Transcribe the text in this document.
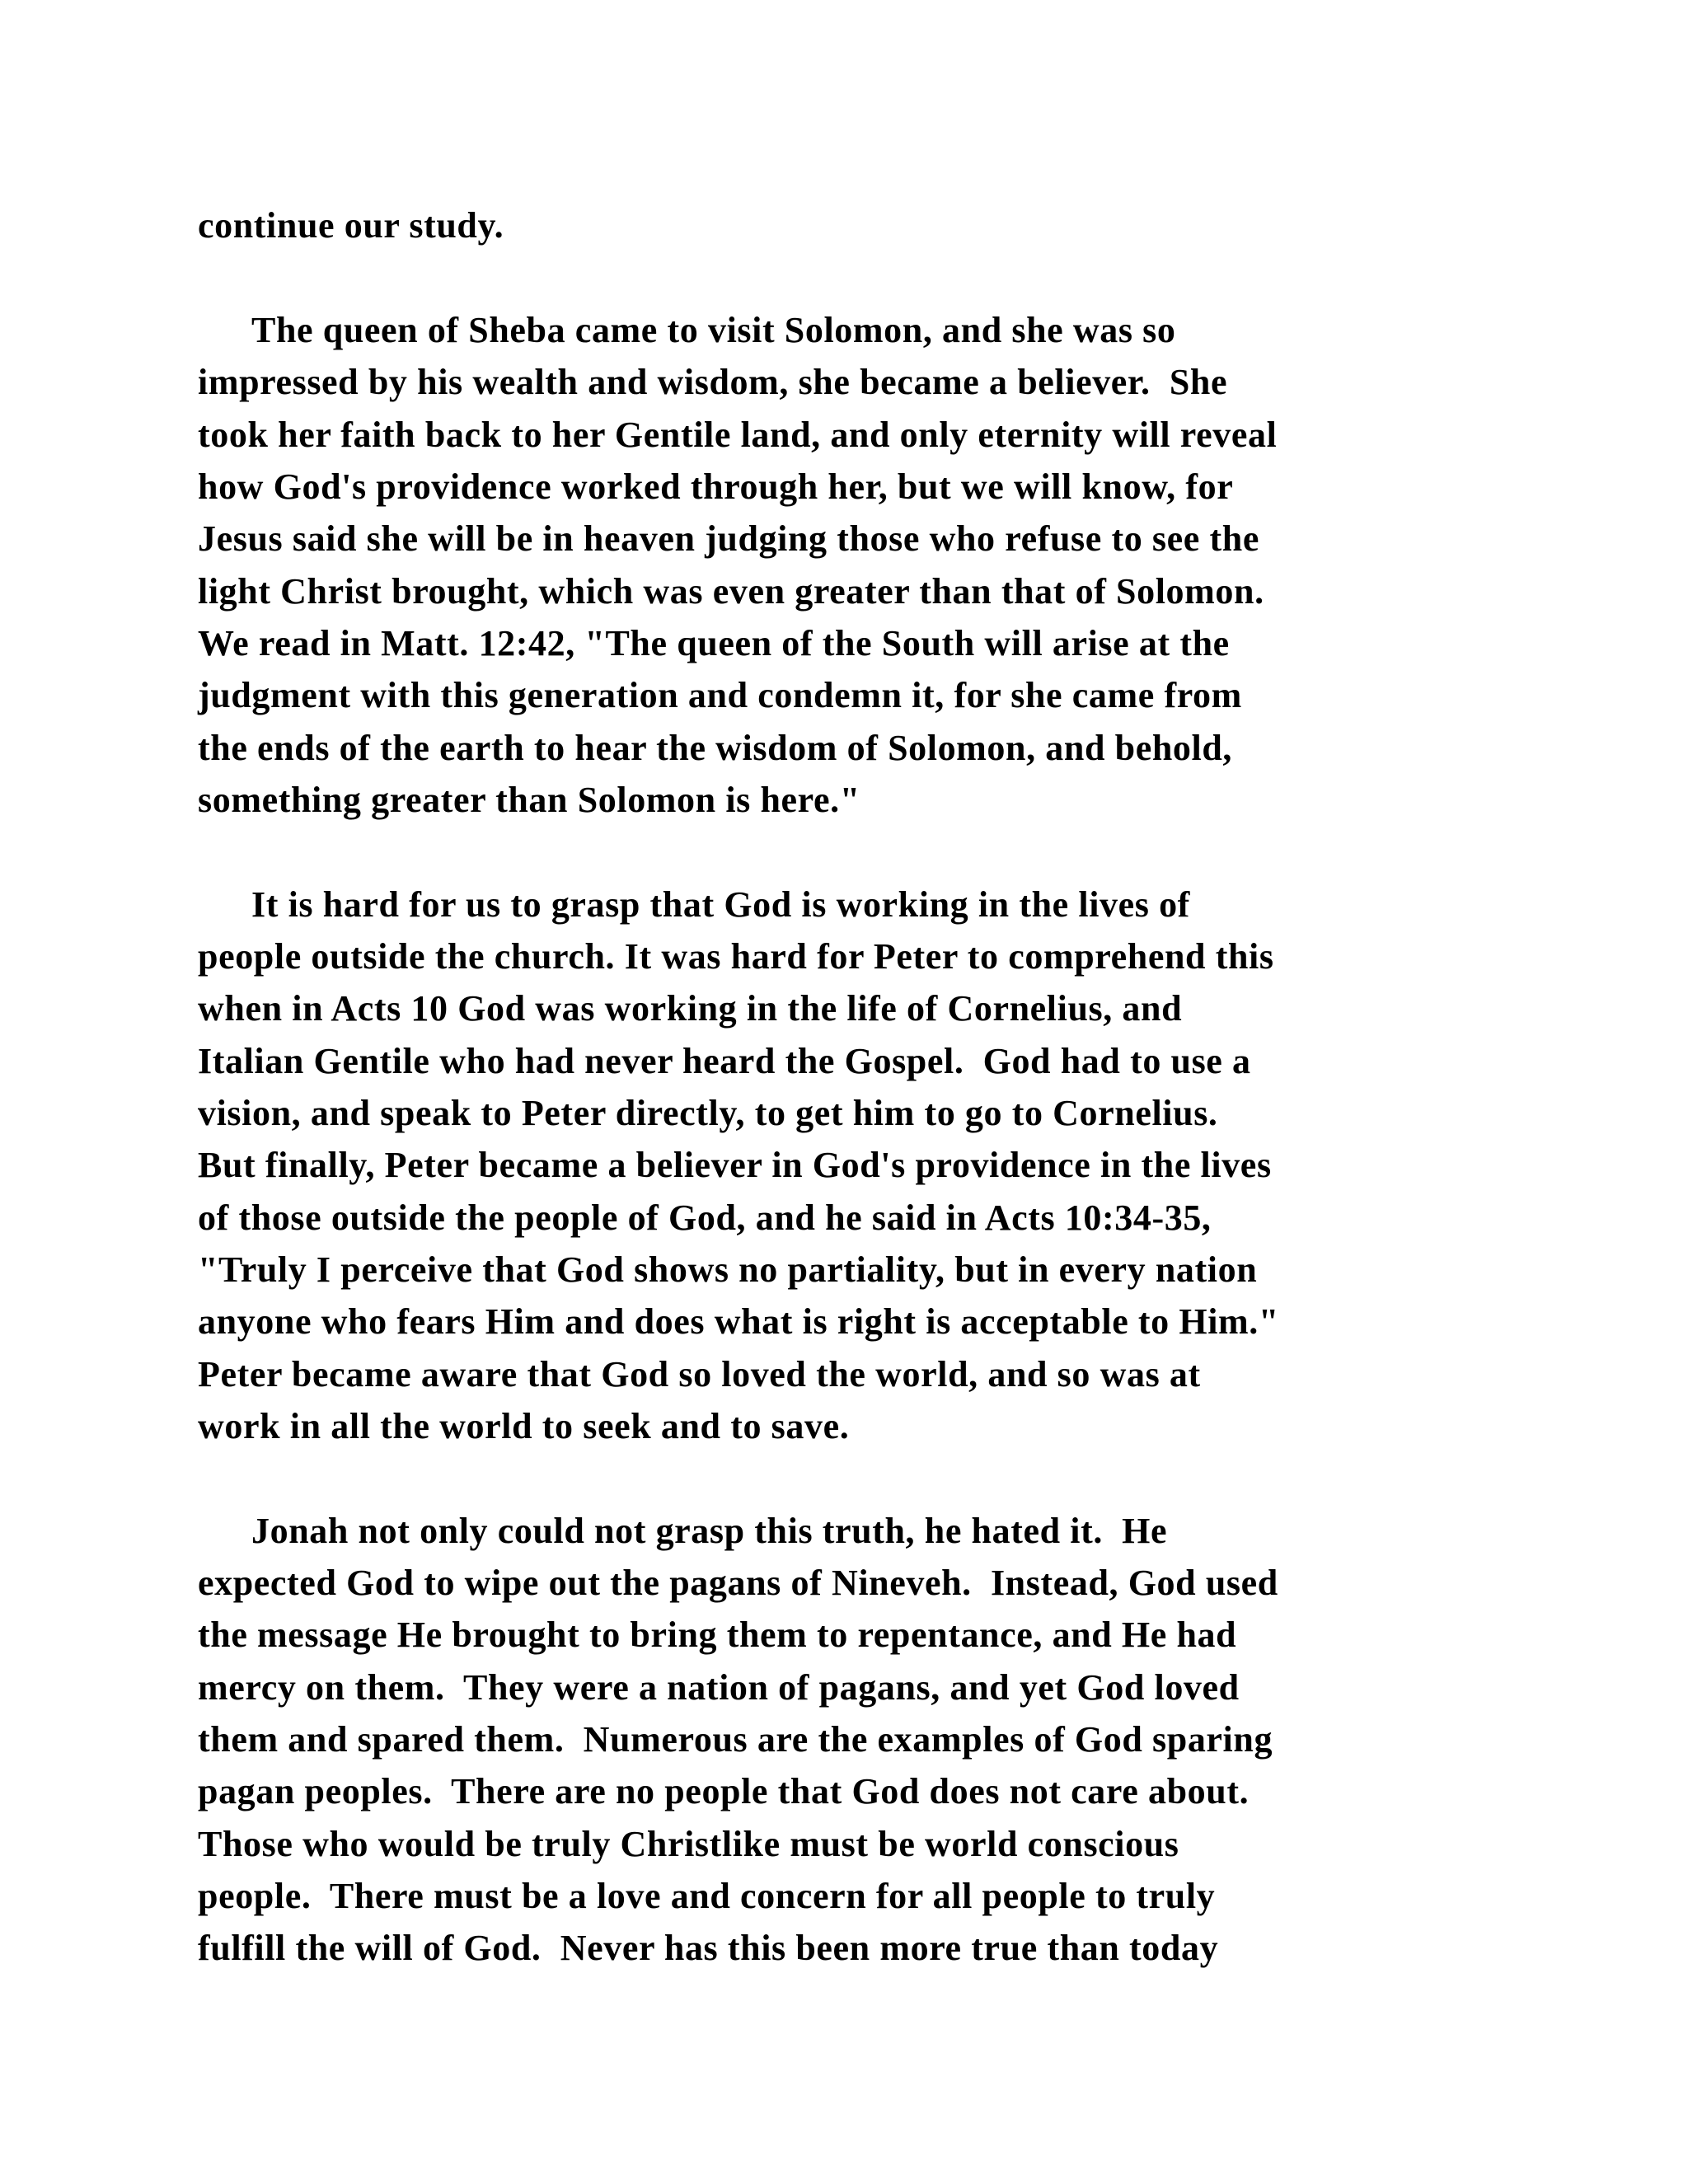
continue our study.

The queen of Sheba came to visit Solomon, and she was so

impressed by his wealth and wisdom, she became a believer.  She

took her faith back to her Gentile land, and only eternity will reveal

how God's providence worked through her, but we will know, for

Jesus said she will be in heaven judging those who refuse to see the

light Christ brought, which was even greater than that of Solomon.

We read in Matt. 12:42, "The queen of the South will arise at the

judgment with this generation and condemn it, for she came from

the ends of the earth to hear the wisdom of Solomon, and behold,

something greater than Solomon is here."

It is hard for us to grasp that God is working in the lives of

people outside the church. It was hard for Peter to comprehend this

when in Acts 10 God was working in the life of Cornelius, and

Italian Gentile who had never heard the Gospel.  God had to use a

vision, and speak to Peter directly, to get him to go to Cornelius.

But finally, Peter became a believer in God's providence in the lives

of those outside the people of God, and he said in Acts 10:34-35,

"Truly I perceive that God shows no partiality, but in every nation

anyone who fears Him and does what is right is acceptable to Him."

Peter became aware that God so loved the world, and so was at

work in all the world to seek and to save.

Jonah not only could not grasp this truth, he hated it.  He

expected God to wipe out the pagans of Nineveh.  Instead, God used

the message He brought to bring them to repentance, and He had

mercy on them.  They were a nation of pagans, and yet God loved

them and spared them.  Numerous are the examples of God sparing

pagan peoples.  There are no people that God does not care about.

Those who would be truly Christlike must be world conscious

people.  There must be a love and concern for all people to truly

fulfill the will of God.  Never has this been more true than today
